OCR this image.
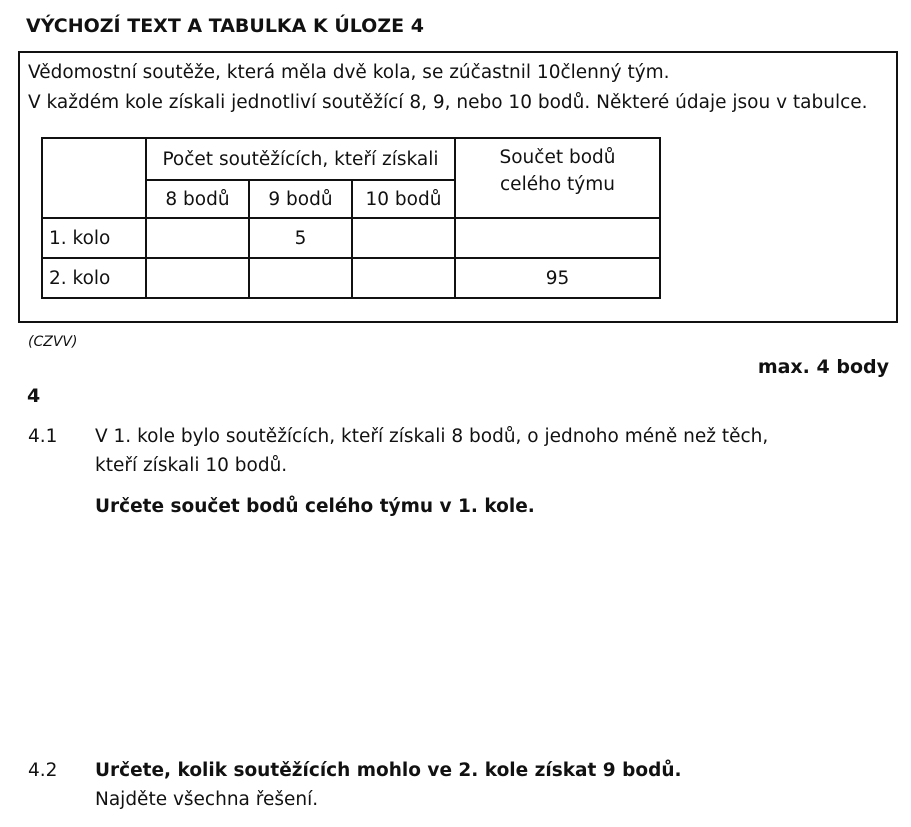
VÝCHOZÍ TEXT A TABULKA K ÚLOZE 4
Vědomostní soutěže, která měla dvě kola, se zúčastnil 10členný tým.
V každém kole získali jednotliví soutěžící 8, 9, nebo 10 bodů. Některé údaje jsou v tabulce.
	Počet soutěžících, kteří získali			Součet bodů
celého týmu

	8 bodů	9 bodů	10 bodů	
1. kolo		5		
2. kolo				95
(CZVV)
max. 4 body
4
4.1 V 1. kole bylo soutěžících, kteří získali 8 bodů, o jednoho méně než těch,
kteří získali 10 bodů.
Určete součet bodů celého týmu v 1. kole.
4.2 Určete, kolik soutěžících mohlo ve 2. kole získat 9 bodů.
Najděte všechna řešení.
